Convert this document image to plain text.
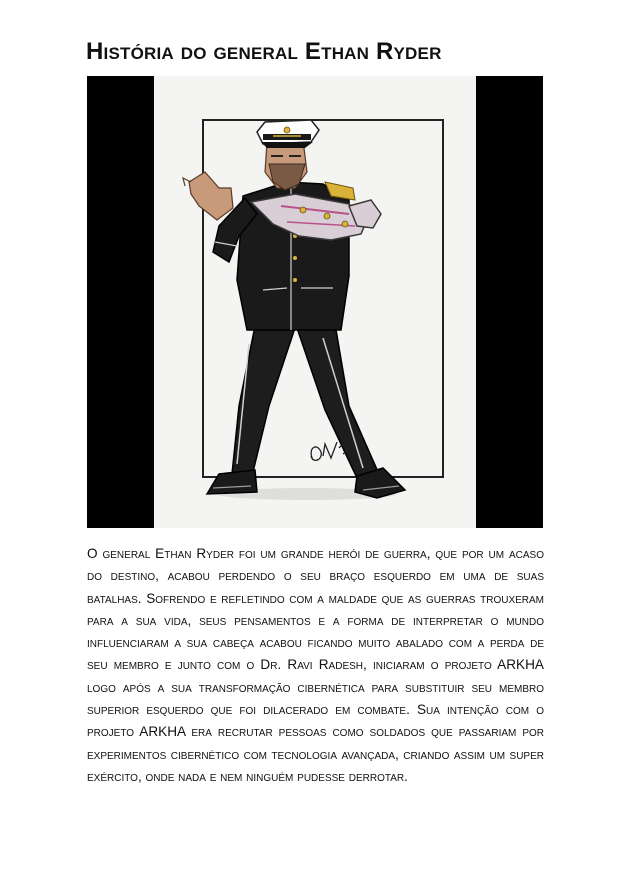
História do general Ethan Ryder

O general Ethan Ryder foi um grande herói de guerra, que por um acaso do destino, acabou perdendo o seu braço esquerdo em uma de suas batalhas. Sofrendo e refletindo com a maldade que as guerras trouxeram para a sua vida, seus pensamentos e a forma de interpretar o mundo influenciaram a sua cabeça acabou ficando muito abalado com a perda de seu membro e junto com o Dr. Ravi Radesh, iniciaram o projeto ARKHA logo após a sua transformação cibernética para substituir seu membro superior esquerdo que foi dilacerado em combate. Sua intenção com o projeto ARKHA era recrutar pessoas como soldados que passariam por experimentos cibernético com tecnologia avançada, criando assim um super exército, onde nada e nem ninguém pudesse derrotar.
